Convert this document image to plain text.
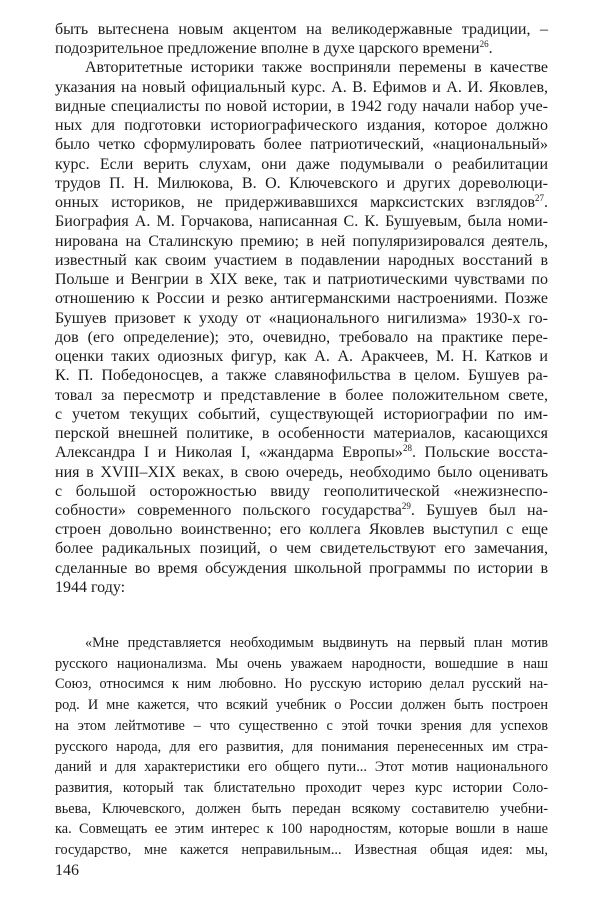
быть вытеснена новым акцентом на великодержавные традиции, –
подозрительное предложение вполне в духе царского времени$^{26}$.
Авторитетные историки также восприняли перемены в качестве
указания на новый официальный курс. А. В. Ефимов и А. И. Яковлев,
видные специалисты по новой истории, в 1942 году начали набор уче-
ных для подготовки историографического издания, которое должно
было четко сформулировать более патриотический, «национальный»
курс. Если верить слухам, они даже подумывали о реабилитации
трудов П. Н. Милюкова, В. О. Ключевского и других дореволюци-
онных историков, не придерживавшихся марксистских взглядов$^{27}$.
Биография А. М. Горчакова, написанная С. К. Бушуевым, была номи-
нирована на Сталинскую премию; в ней популяризировался деятель,
известный как своим участием в подавлении народных восстаний в
Польше и Венгрии в XIX веке, так и патриотическими чувствами по
отношению к России и резко антигерманскими настроениями. Позже
Бушуев призовет к уходу от «национального нигилизма» 1930-х го-
дов (его определение); это, очевидно, требовало на практике пере-
оценки таких одиозных фигур, как А. А. Аракчеев, М. Н. Катков и
К. П. Победоносцев, а также славянофильства в целом. Бушуев ра-
товал за пересмотр и представление в более положительном свете,
с учетом текущих событий, существующей историографии по им-
перской внешней политике, в особенности материалов, касающихся
Александра I и Николая I, «жандарма Европы»$^{28}$. Польские восста-
ния в XVIII–XIX веках, в свою очередь, необходимо было оценивать
с большой осторожностью ввиду геополитической «нежизнеспо-
собности» современного польского государства$^{29}$. Бушуев был на-
строен довольно воинственно; его коллега Яковлев выступил с еще
более радикальных позиций, о чем свидетельствуют его замечания,
сделанные во время обсуждения школьной программы по истории в
1944 году:
«Мне представляется необходимым выдвинуть на первый план мотив
русского национализма. Мы очень уважаем народности, вошедшие в наш
Союз, относимся к ним любовно. Но русскую историю делал русский на-
род. И мне кажется, что всякий учебник о России должен быть построен
на этом лейтмотиве – что существенно с этой точки зрения для успехов
русского народа, для его развития, для понимания перенесенных им стра-
даний и для характеристики его общего пути... Этот мотив национального
развития, который так блистательно проходит через курс истории Соло-
вьева, Ключевского, должен быть передан всякому составителю учебни-
ка. Совмещать ее этим интерес к 100 народностям, которые вошли в наше
государство, мне кажется неправильным... Известная общая идея: мы,
146
